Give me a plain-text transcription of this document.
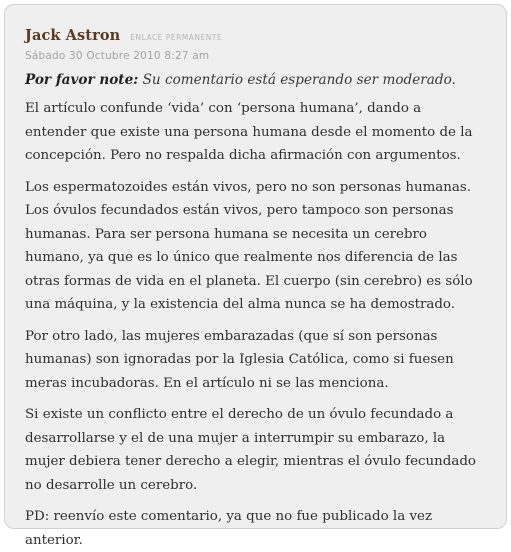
Jack Astron ENLACE PERMANENTE
Sábado 30 Octubre 2010 8:27 am
Por favor note: Su comentario está esperando ser moderado.

El artículo confunde ‘vida’ con ‘persona humana’, dando a entender que existe una persona humana desde el momento de la concepción. Pero no respalda dicha afirmación con argumentos.

Los espermatozoides están vivos, pero no son personas humanas. Los óvulos fecundados están vivos, pero tampoco son personas humanas. Para ser persona humana se necesita un cerebro humano, ya que es lo único que realmente nos diferencia de las otras formas de vida en el planeta. El cuerpo (sin cerebro) es sólo una máquina, y la existencia del alma nunca se ha demostrado.

Por otro lado, las mujeres embarazadas (que sí son personas humanas) son ignoradas por la Iglesia Católica, como si fuesen meras incubadoras. En el artículo ni se las menciona.

Si existe un conflicto entre el derecho de un óvulo fecundado a desarrollarse y el de una mujer a interrumpir su embarazo, la mujer debiera tener derecho a elegir, mientras el óvulo fecundado no desarrolle un cerebro.

PD: reenvío este comentario, ya que no fue publicado la vez anterior.
